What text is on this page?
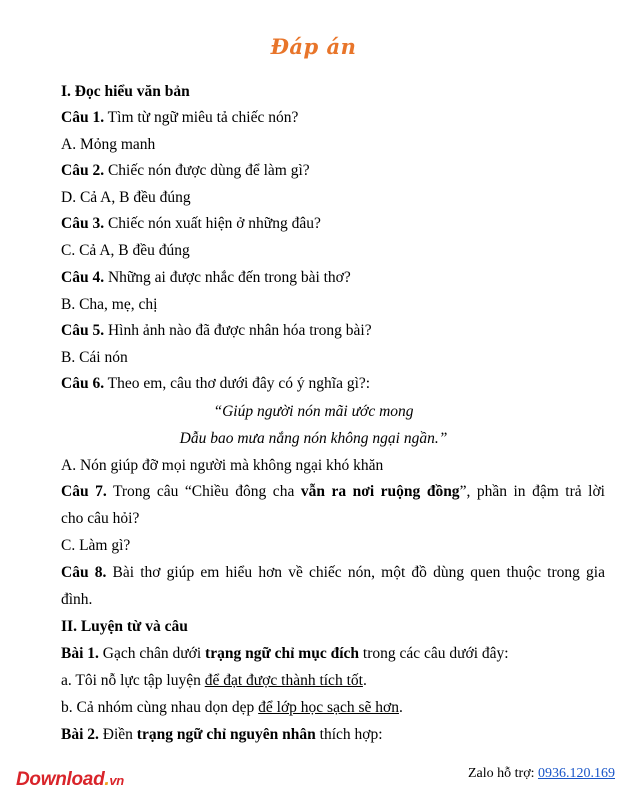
Đáp án
I. Đọc hiểu văn bản
Câu 1. Tìm từ ngữ miêu tả chiếc nón?
A. Mỏng manh
Câu 2. Chiếc nón được dùng để làm gì?
D. Cả A, B đều đúng
Câu 3. Chiếc nón xuất hiện ở những đâu?
C. Cả A, B đều đúng
Câu 4. Những ai được nhắc đến trong bài thơ?
B. Cha, mẹ, chị
Câu 5. Hình ảnh nào đã được nhân hóa trong bài?
B. Cái nón
Câu 6. Theo em, câu thơ dưới đây có ý nghĩa gì?:
“Giúp người nón mãi ước mong
Dẫu bao mưa nắng nón không ngại ngần.”
A. Nón giúp đỡ mọi người mà không ngại khó khăn
Câu 7. Trong câu “Chiều đông cha vẫn ra nơi ruộng đồng”, phần in đậm trả lời
cho câu hỏi?
C. Làm gì?
Câu 8. Bài thơ giúp em hiểu hơn về chiếc nón, một đồ dùng quen thuộc trong gia
đình.
II. Luyện từ và câu
Bài 1. Gạch chân dưới trạng ngữ chỉ mục đích trong các câu dưới đây:
a. Tôi nỗ lực tập luyện để đạt được thành tích tốt.
b. Cả nhóm cùng nhau dọn dẹp để lớp học sạch sẽ hơn.
Bài 2. Điền trạng ngữ chỉ nguyên nhân thích hợp:
Download.vn	Zalo hỗ trợ: 0936.120.169
